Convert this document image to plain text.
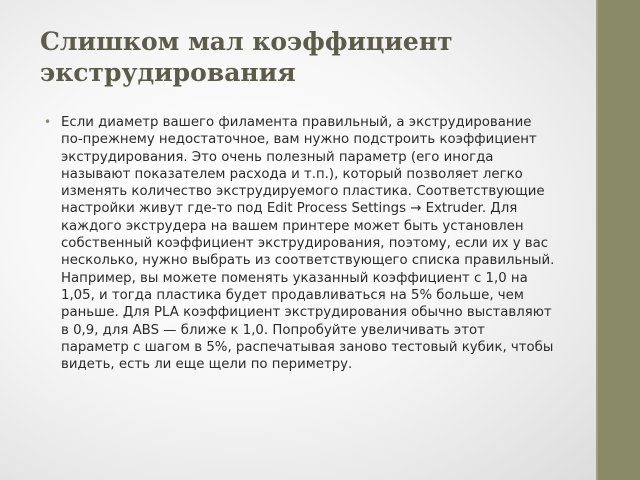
Слишком мал коэффициент экструдирования
• Если диаметр вашего филамента правильный, а экструдирование по-прежнему недостаточное, вам нужно подстроить коэффициент экструдирования. Это очень полезный параметр (его иногда называют показателем расхода и т.п.), который позволяет легко изменять количество экструдируемого пластика. Соответствующие настройки живут где-то под Edit Process Settings → Extruder. Для каждого экструдера на вашем принтере может быть установлен собственный коэффициент экструдирования, поэтому, если их у вас несколько, нужно выбрать из соответствующего списка правильный. Например, вы можете поменять указанный коэффициент с 1,0 на 1,05, и тогда пластика будет продавливаться на 5% больше, чем раньше. Для PLA коэффициент экструдирования обычно выставляют в 0,9, для ABS — ближе к 1,0. Попробуйте увеличивать этот параметр с шагом в 5%, распечатывая заново тестовый кубик, чтобы видеть, есть ли еще щели по периметру.
